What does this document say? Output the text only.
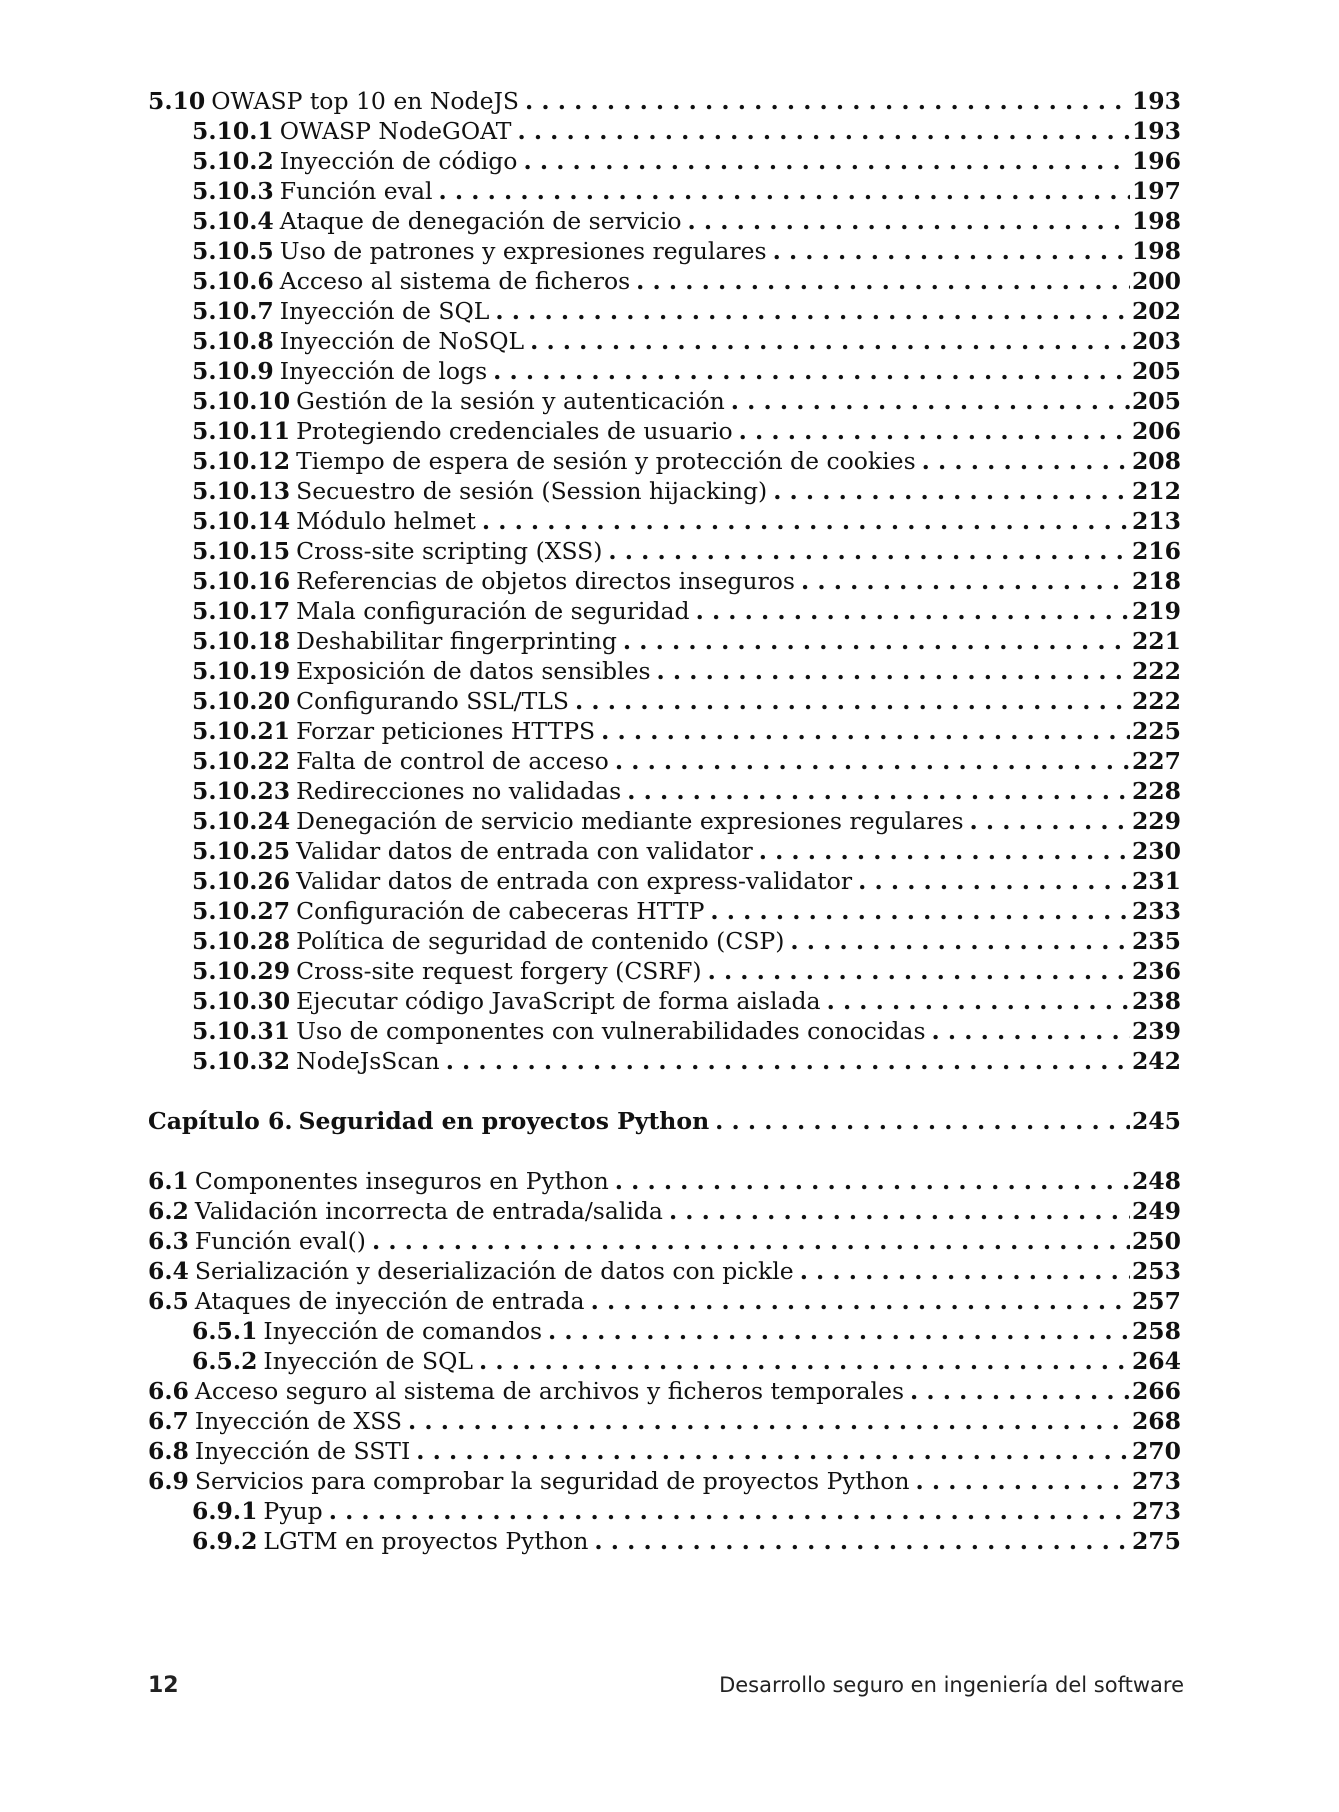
5.10 OWASP top 10 en NodeJS . . .	193
5.10.1 OWASP NodeGOAT . . .	193
5.10.2 Inyección de código . . .	196
5.10.3 Función eval . . .	197
5.10.4 Ataque de denegación de servicio . . .	198
5.10.5 Uso de patrones y expresiones regulares . . .	198
5.10.6 Acceso al sistema de ficheros . . .	200
5.10.7 Inyección de SQL . . .	202
5.10.8 Inyección de NoSQL . . .	203
5.10.9 Inyección de logs . . .	205
5.10.10 Gestión de la sesión y autenticación . . .	205
5.10.11 Protegiendo credenciales de usuario . . .	206
5.10.12 Tiempo de espera de sesión y protección de cookies . . .	208
5.10.13 Secuestro de sesión (Session hijacking) . . .	212
5.10.14 Módulo helmet . . .	213
5.10.15 Cross-site scripting (XSS) . . .	216
5.10.16 Referencias de objetos directos inseguros . . .	218
5.10.17 Mala configuración de seguridad . . .	219
5.10.18 Deshabilitar fingerprinting . . .	221
5.10.19 Exposición de datos sensibles . . .	222
5.10.20 Configurando SSL/TLS . . .	222
5.10.21 Forzar peticiones HTTPS . . .	225
5.10.22 Falta de control de acceso . . .	227
5.10.23 Redirecciones no validadas . . .	228
5.10.24 Denegación de servicio mediante expresiones regulares . . .	229
5.10.25 Validar datos de entrada con validator . . .	230
5.10.26 Validar datos de entrada con express-validator . . .	231
5.10.27 Configuración de cabeceras HTTP . . .	233
5.10.28 Política de seguridad de contenido (CSP) . . .	235
5.10.29 Cross-site request forgery (CSRF) . . .	236
5.10.30 Ejecutar código JavaScript de forma aislada . . .	238
5.10.31 Uso de componentes con vulnerabilidades conocidas . . .	239
5.10.32 NodeJsScan . . .	242
Capítulo 6. Seguridad en proyectos Python . . .	245
6.1 Componentes inseguros en Python . . .	248
6.2 Validación incorrecta de entrada/salida . . .	249
6.3 Función eval() . . .	250
6.4 Serialización y deserialización de datos con pickle . . .	253
6.5 Ataques de inyección de entrada . . .	257
6.5.1 Inyección de comandos . . .	258
6.5.2 Inyección de SQL . . .	264
6.6 Acceso seguro al sistema de archivos y ficheros temporales . . .	266
6.7 Inyección de XSS . . .	268
6.8 Inyección de SSTI . . .	270
6.9 Servicios para comprobar la seguridad de proyectos Python . . .	273
6.9.1 Pyup . . .	273
6.9.2 LGTM en proyectos Python . . .	275
12	Desarrollo seguro en ingeniería del software
